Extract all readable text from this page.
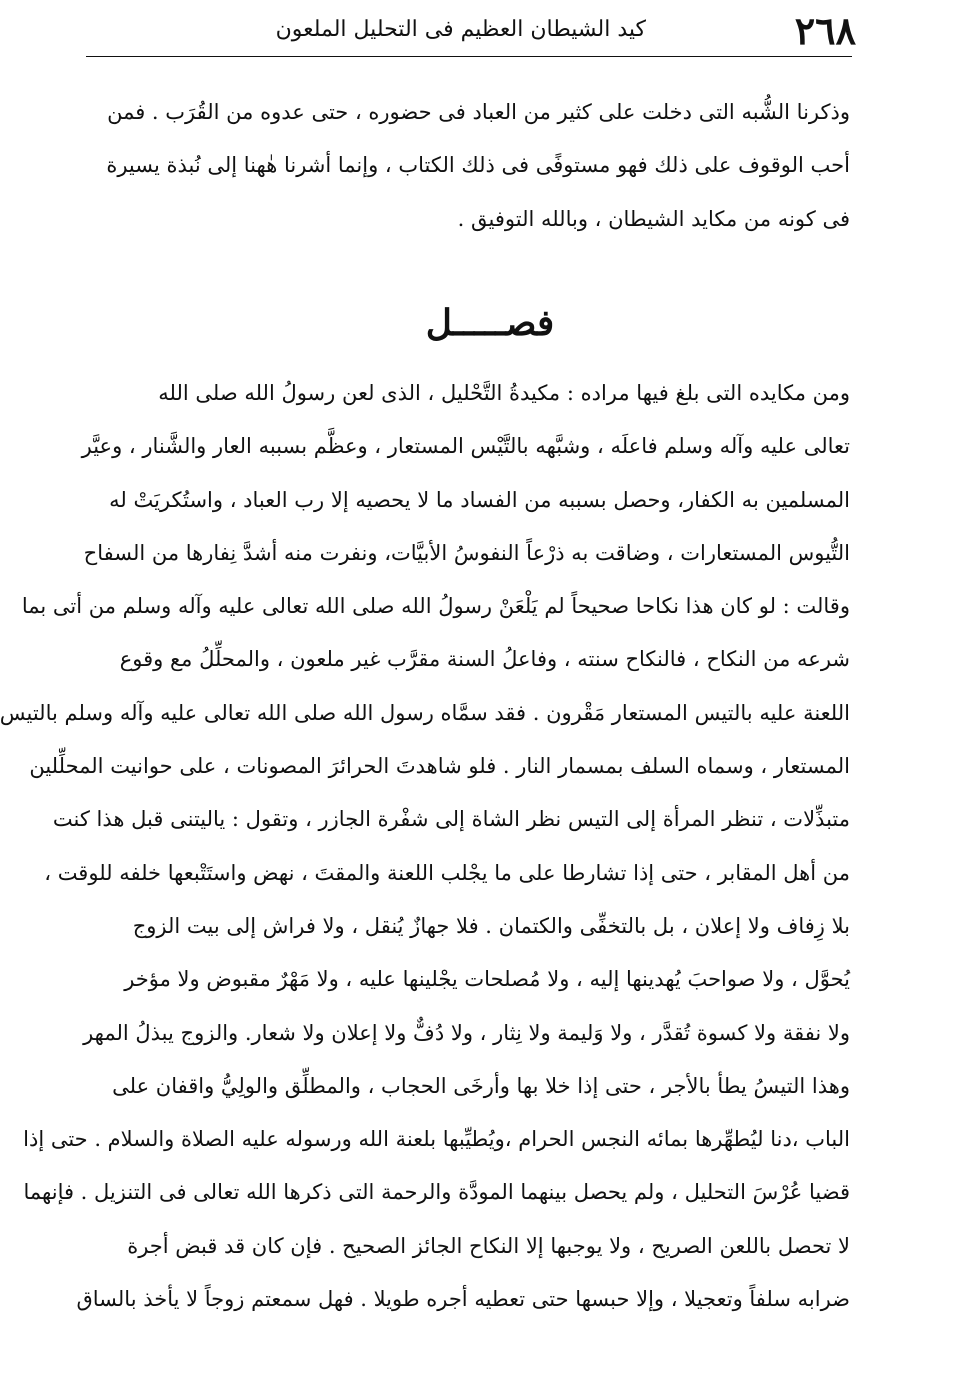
٢٦٨
كيد الشيطان العظيم فى التحليل الملعون
وذكرنا الشُّبه التى دخلت على كثير من العباد فى حضوره ، حتى عدوه من القُرَب . فمن
أحب الوقوف على ذلك فهو مستوفًى فى ذلك الكتاب ، وإنما أشرنا هٰهنا إلى نُبذة يسيرة
فى كونه من مكايد الشيطان ، وبالله التوفيق .
فصـــــل
ومن مكايده التى بلغ فيها مراده : مكيدةُ التَّحْليل ، الذى لعن رسولُ الله صلى الله
تعالى عليه وآله وسلم فاعلَه ، وشبَّهه بالتَّيْس المستعار ، وعظَّم بسببه العار والشَّنار ، وعيَّر
المسلمين به الكفار، وحصل بسببه من الفساد ما لا يحصيه إلا رب العباد ، واستُكريَتْ له
التُّيوس المستعارات ، وضاقت به ذرْعاً النفوسُ الأبيَّات، ونفرت منه أشدَّ نِفارها من السفاح
وقالت : لو كان هذا نكاحا صحيحاً لم يَلْعَنْ رسولُ الله صلى الله تعالى عليه وآله وسلم من أتى بما
شرعه من النكاح ، فالنكاح سنته ، وفاعلُ السنة مقرَّب غير ملعون ، والمحلِّلُ مع وقوع
اللعنة عليه بالتيس المستعار مَقْرون . فقد سمَّاه رسول الله صلى الله تعالى عليه وآله وسلم بالتيس
المستعار ، وسماه السلف بمسمار النار . فلو شاهدتَ الحرائرَ المصونات ، على حوانيت المحلِّلين
متبذِّلات ، تنظر المرأة إلى التيس نظر الشاة إلى شفْرة الجازر ، وتقول : ياليتنى قبل هذا كنت
من أهل المقابر ، حتى إذا تشارطا على ما يجْلب اللعنة والمقتَ ، نهض واستَتْبعها خلفه للوقت ،
بلا زِفاف ولا إعلان ، بل بالتخفِّى والكتمان . فلا جهازٌ يُنقل ، ولا فراش إلى بيت الزوج
يُحوَّل ، ولا صواحبَ يُهدينها إليه ، ولا مُصلحات يجْلينها عليه ، ولا مَهْرٌ مقبوض ولا مؤخر
ولا نفقة ولا كسوة تُقدَّر ، ولا وَليمة ولا نِثار ، ولا دُفٌّ ولا إعلان ولا شعار. والزوج يبذلُ المهر
وهذا التيسُ يطأ بالأجر ، حتى إذا خلا بها وأرخَى الحجاب ، والمطلِّق والولِيُّ واقفان على
الباب ،دنا ليُطهِّرها بمائه النجس الحرام ،ويُطيِّبها بلعنة الله ورسوله عليه الصلاة والسلام . حتى إذا
قضيا عُرْسَ التحليل ، ولم يحصل بينهما المودَّة والرحمة التى ذكرها الله تعالى فى التنزيل . فإنهما
لا تحصل باللعن الصريح ، ولا يوجبها إلا النكاح الجائز الصحيح . فإن كان قد قبض أجرة
ضرابه سلفاً وتعجيلا ، وإلا حبسها حتى تعطيه أجره طويلا . فهل سمعتم زوجاً لا يأخذ بالساق
